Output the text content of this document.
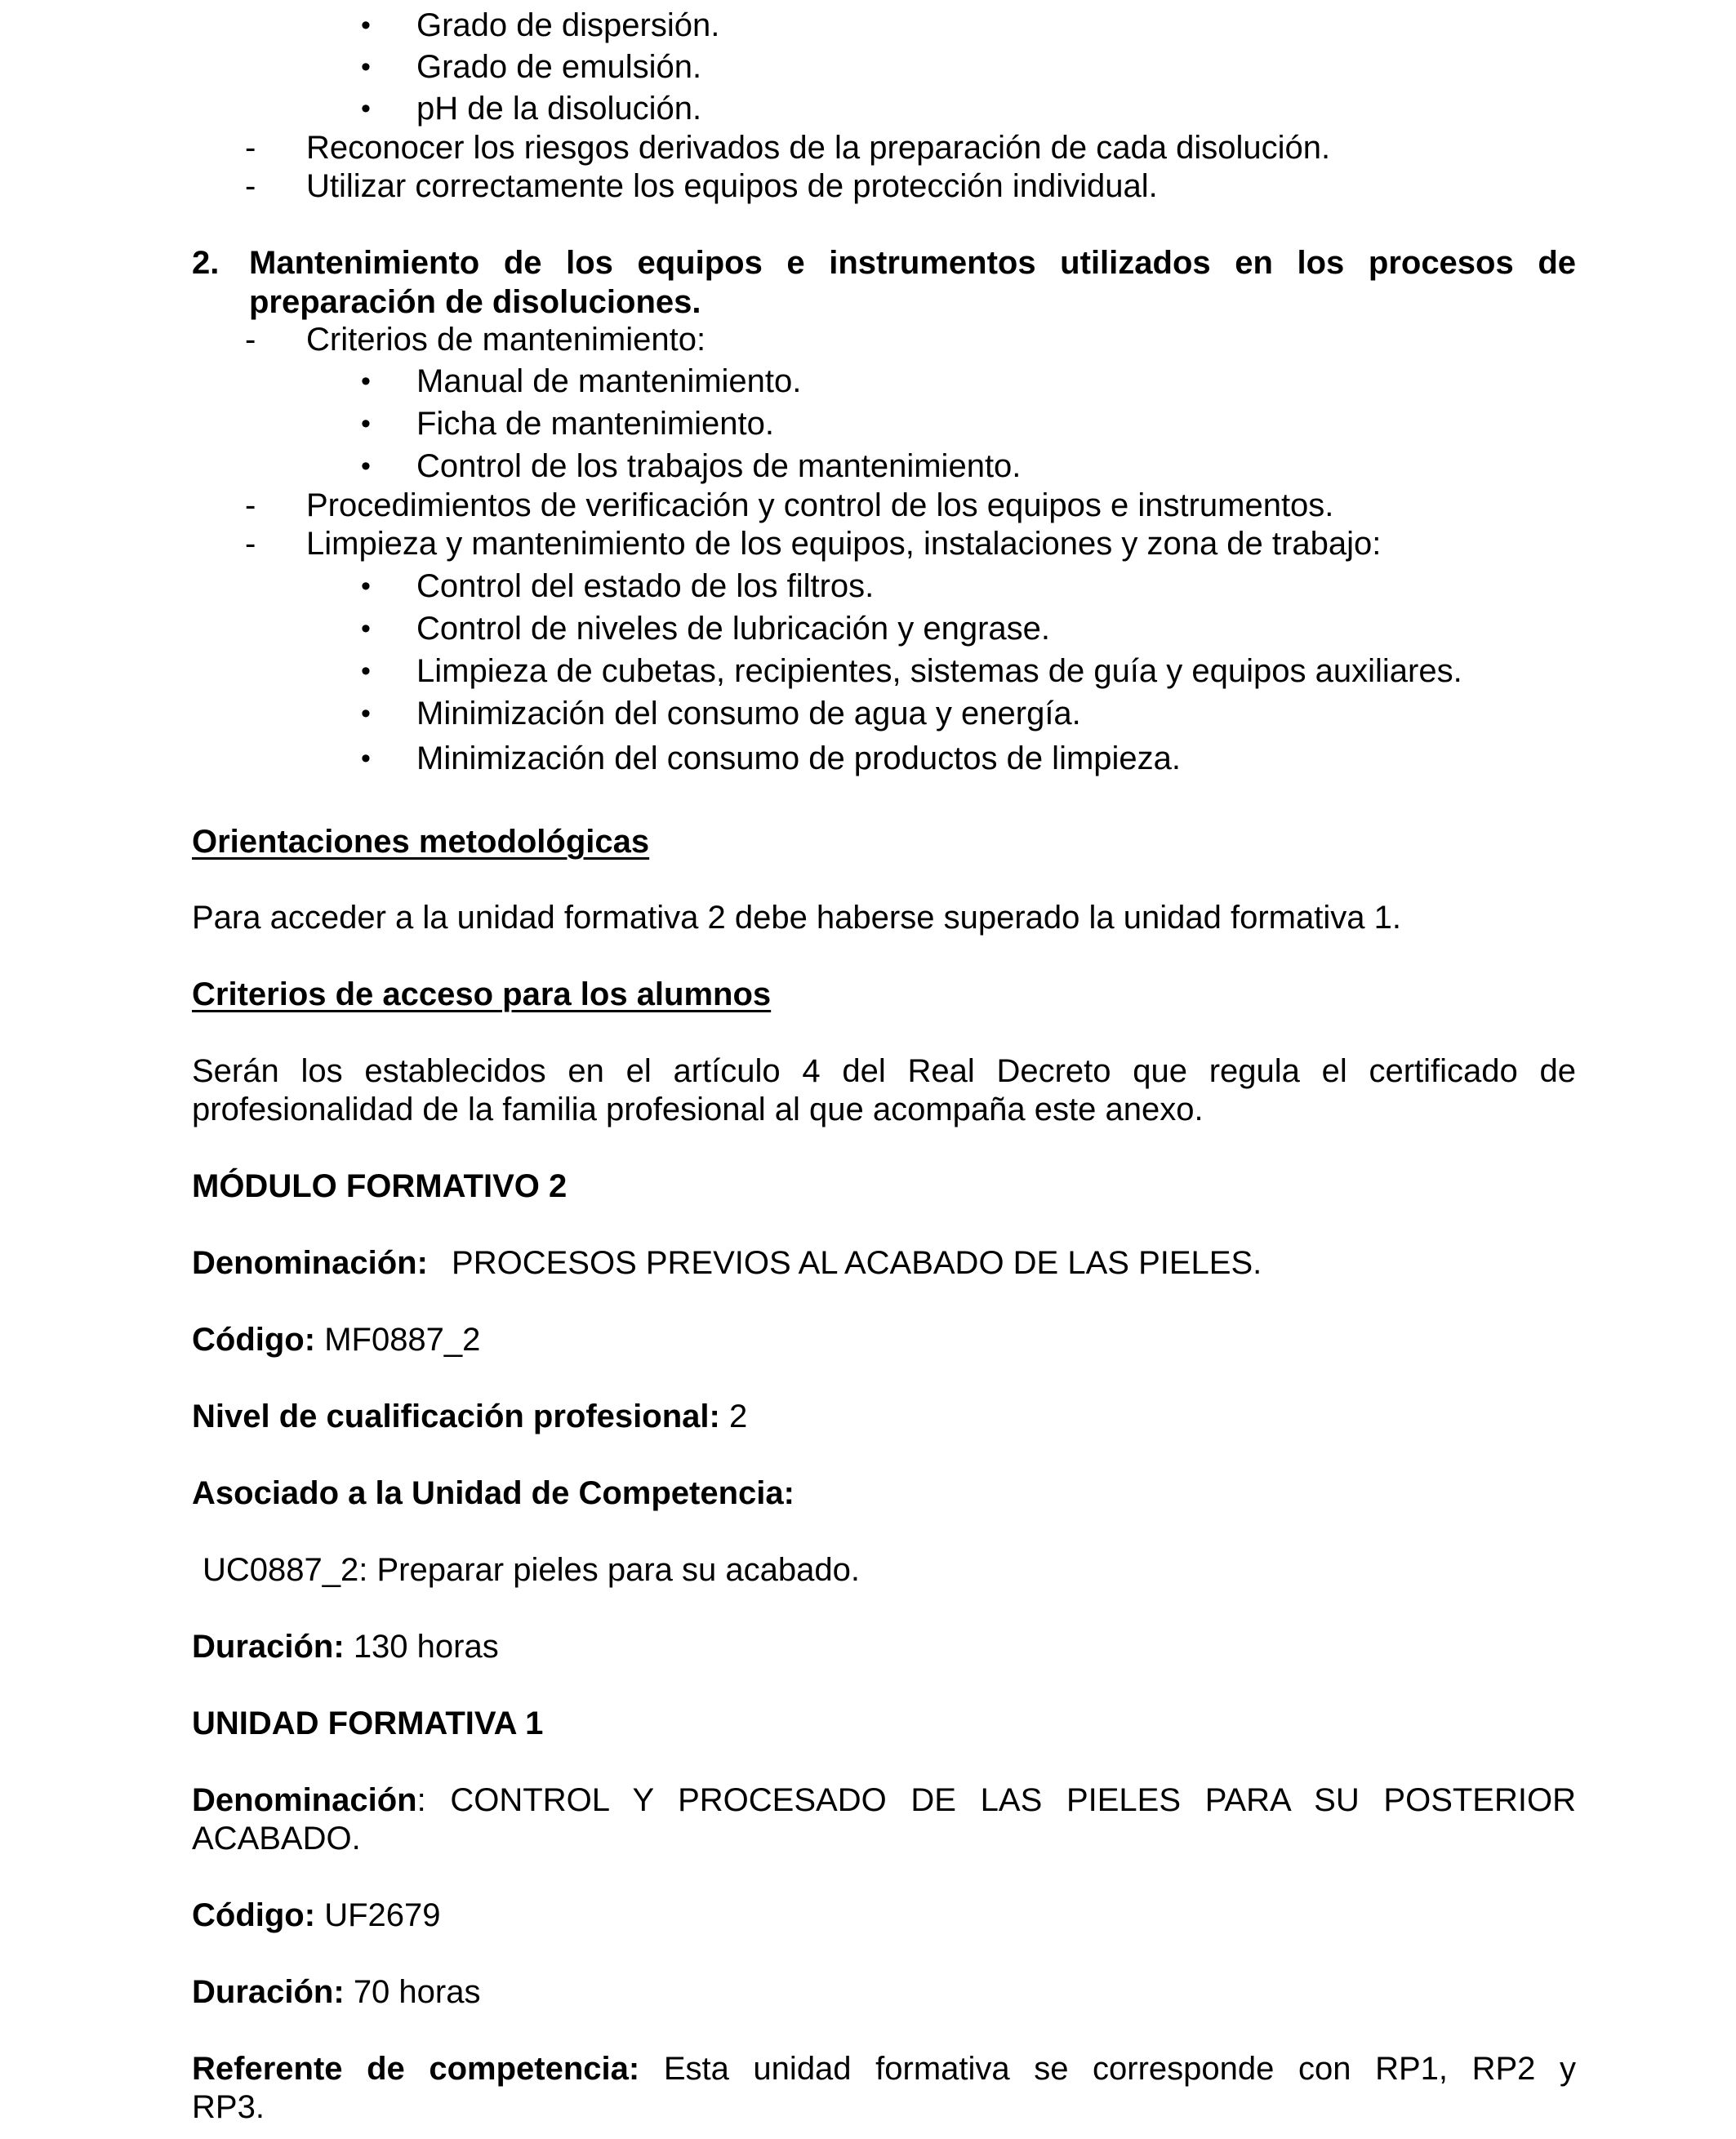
• Grado de dispersión.
• Grado de emulsión.
• pH de la disolución.
- Reconocer los riesgos derivados de la preparación de cada disolución.
- Utilizar correctamente los equipos de protección individual.
2. Mantenimiento de los equipos e instrumentos utilizados en los procesos de
preparación de disoluciones.
- Criterios de mantenimiento:
• Manual de mantenimiento.
• Ficha de mantenimiento.
• Control de los trabajos de mantenimiento.
- Procedimientos de verificación y control de los equipos e instrumentos.
- Limpieza y mantenimiento de los equipos, instalaciones y zona de trabajo:
• Control del estado de los filtros.
• Control de niveles de lubricación y engrase.
• Limpieza de cubetas, recipientes, sistemas de guía y equipos auxiliares.
• Minimización del consumo de agua y energía.
• Minimización del consumo de productos de limpieza.
Orientaciones metodológicas
Para acceder a la unidad formativa 2 debe haberse superado la unidad formativa 1.
Criterios de acceso para los alumnos
Serán los establecidos en el artículo 4 del Real Decreto que regula el certificado de
profesionalidad de la familia profesional al que acompaña este anexo.
MÓDULO FORMATIVO 2
Denominación: PROCESOS PREVIOS AL ACABADO DE LAS PIELES.
Código: MF0887_2
Nivel de cualificación profesional: 2
Asociado a la Unidad de Competencia:
UC0887_2: Preparar pieles para su acabado.
Duración: 130 horas
UNIDAD FORMATIVA 1
Denominación: CONTROL Y PROCESADO DE LAS PIELES PARA SU POSTERIOR
ACABADO.
Código: UF2679
Duración: 70 horas
Referente de competencia: Esta unidad formativa se corresponde con RP1, RP2 y
RP3.
